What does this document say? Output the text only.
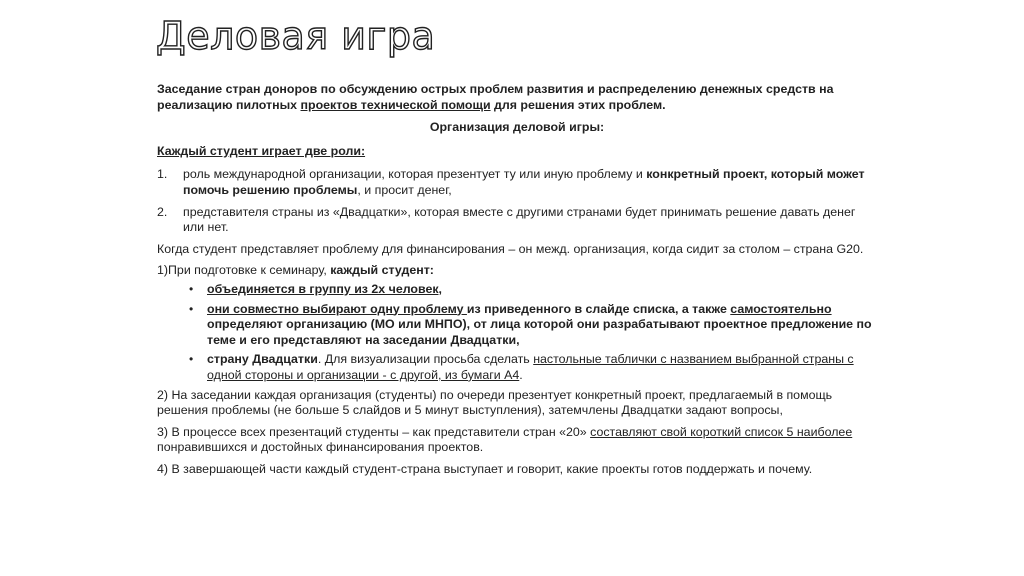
Деловая игра
Заседание стран доноров по обсуждению острых проблем развития и распределению денежных средств на реализацию пилотных проектов технической помощи для решения этих проблем.
Организация деловой игры:
Каждый студент играет две роли:
1.	роль международной организации, которая презентует ту или иную проблему и конкретный проект, который может помочь решению проблемы, и просит денег,
2.	представителя страны из «Двадцатки», которая вместе с другими странами будет принимать решение давать денег или нет.
Когда студент представляет проблему для финансирования – он межд. организация, когда сидит за столом – страна G20.
1)При подготовке к семинару, каждый студент:
•	объединяется в группу из 2х человек,
•	они совместно выбирают одну проблему из приведенного в слайде списка, а также самостоятельно определяют организацию (МО или МНПО), от лица которой они разрабатывают проектное предложение по теме и его представляют на заседании Двадцатки,
•	страну Двадцатки. Для визуализации просьба сделать настольные таблички с названием выбранной страны с одной стороны и организации - с другой, из бумаги А4.
2) На заседании каждая организация (студенты) по очереди презентует конкретный проект, предлагаемый в помощь решения проблемы (не больше 5 слайдов и 5 минут выступления), затемчлены Двадцатки задают вопросы,
3) В процессе всех презентаций студенты – как представители стран «20» составляют свой короткий список 5 наиболее понравившихся и достойных финансирования проектов.
4) В завершающей части каждый студент-страна выступает и говорит, какие проекты готов поддержать и почему.
